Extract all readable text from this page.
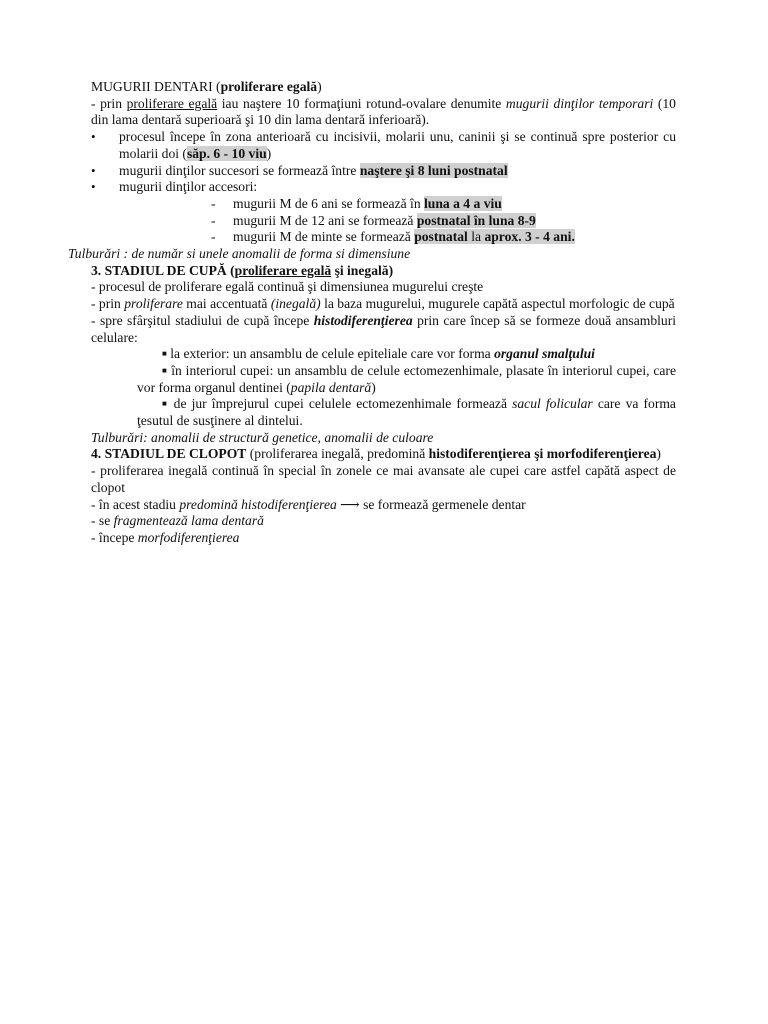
MUGURII DENTARI (proliferare egală)

- prin proliferare egală iau naştere 10 formaţiuni rotund-ovalare denumite mugurii dinţilor temporari (10 din lama dentară superioară şi 10 din lama dentară inferioară).

• procesul începe în zona anterioară cu incisivii, molarii unu, caninii şi se continuă spre posterior cu molarii doi (săp. 6 - 10 viu)

• mugurii dinţilor succesori se formează între naştere şi 8 luni postnatal

• mugurii dinţilor accesori:

- mugurii M de 6 ani se formează în luna a 4 a viu

- mugurii M de 12 ani se formează postnatal în luna 8-9

- mugurii M de minte se formează postnatal la aprox. 3 - 4 ani.

Tulburări : de număr si unele anomalii de forma si dimensiune

3. STADIUL DE CUPĂ (proliferare egală şi inegală)

- procesul de proliferare egală continuă şi dimensiunea mugurelui creşte

- prin proliferare mai accentuată (inegală) la baza mugurelui, mugurele capătă aspectul morfologic de cupă

- spre sfârşitul stadiului de cupă începe histodiferenţierea prin care încep să se formeze două ansambluri celulare:

■ la exterior: un ansamblu de celule epiteliale care vor forma organul smalţului

■ în interiorul cupei: un ansamblu de celule ectomezenhimale, plasate în interiorul cupei, care vor forma organul dentinei (papila dentară)

■ de jur împrejurul cupei celulele ectomezenhimale formează sacul folicular care va forma ţesutul de susţinere al dintelui.

Tulburări: anomalii de structură genetice, anomalii de culoare

4. STADIUL DE CLOPOT (proliferarea inegală, predomină histodiferenţierea şi morfodiferenţierea)

- proliferarea inegală continuă în special în zonele ce mai avansate ale cupei care astfel capătă aspect de clopot

- în acest stadiu predomină histodiferenţierea ⟶ se formează germenele dentar

- se fragmentează lama dentară

- începe morfodiferenţierea
